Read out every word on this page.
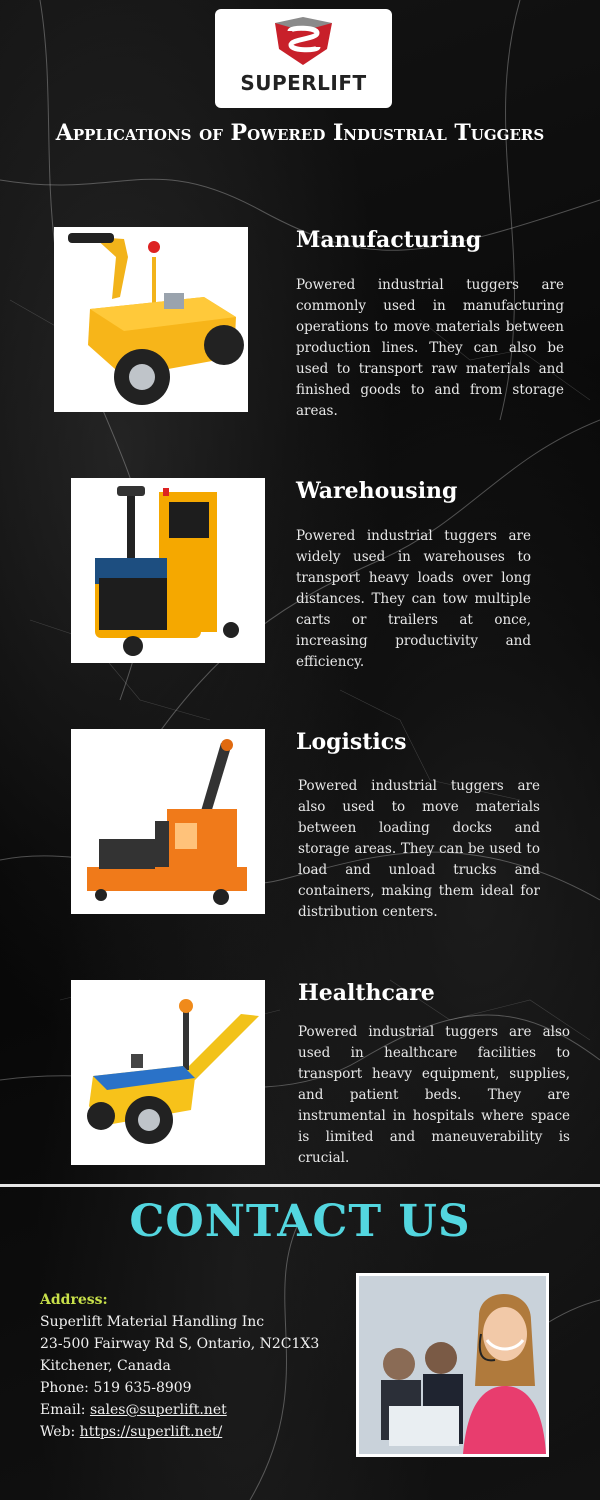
SUPERLIFT
Applications of Powered Industrial Tuggers
Manufacturing
Powered industrial tuggers are commonly used in manufacturing operations to move materials between production lines. They can also be used to transport raw materials and finished goods to and from storage areas.
Warehousing
Powered industrial tuggers are widely used in warehouses to transport heavy loads over long distances. They can tow multiple carts or trailers at once, increasing productivity and efficiency.
Logistics
Powered industrial tuggers are also used to move materials between loading docks and storage areas. They can be used to load and unload trucks and containers, making them ideal for distribution centers.
Healthcare
Powered industrial tuggers are also used in healthcare facilities to transport heavy equipment, supplies, and patient beds. They are instrumental in hospitals where space is limited and maneuverability is crucial.
CONTACT US
Address:
Superlift Material Handling Inc
23-500 Fairway Rd S, Ontario, N2C1X3
Kitchener, Canada
Phone: 519 635-8909
Email: sales@superlift.net
Web: https://superlift.net/
